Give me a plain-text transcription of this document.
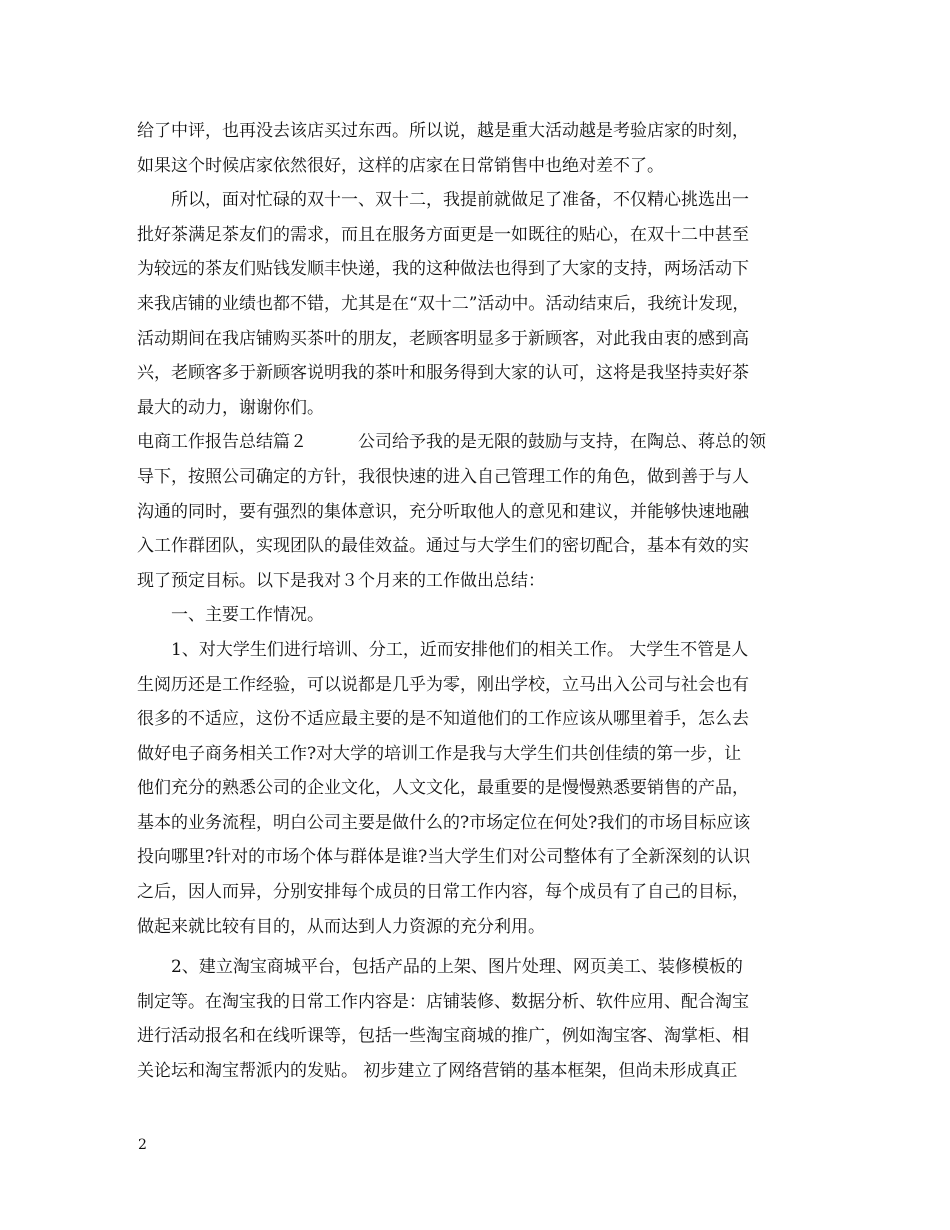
给了中评，也再没去该店买过东西。所以说，越是重大活动越是考验店家的时刻，
如果这个时候店家依然很好，这样的店家在日常销售中也绝对差不了。
　　所以，面对忙碌的双十一、双十二，我提前就做足了准备，不仅精心挑选出一
批好茶满足茶友们的需求，而且在服务方面更是一如既往的贴心，在双十二中甚至
为较远的茶友们贴钱发顺丰快递，我的这种做法也得到了大家的支持，两场活动下
来我店铺的业绩也都不错，尤其是在“双十二”活动中。活动结束后，我统计发现，
活动期间在我店铺购买茶叶的朋友，老顾客明显多于新顾客，对此我由衷的感到高
兴，老顾客多于新顾客说明我的茶叶和服务得到大家的认可，这将是我坚持卖好茶
最大的动力，谢谢你们。
电商工作报告总结篇２　　　公司给予我的是无限的鼓励与支持，在陶总、蒋总的领
导下，按照公司确定的方针，我很快速的进入自己管理工作的角色，做到善于与人
沟通的同时，要有强烈的集体意识，充分听取他人的意见和建议，并能够快速地融
入工作群团队，实现团队的最佳效益。通过与大学生们的密切配合，基本有效的实
现了预定目标。以下是我对３个月来的工作做出总结：
　　一、主要工作情况。
　　1、对大学生们进行培训、分工，近而安排他们的相关工作。 大学生不管是人
生阅历还是工作经验，可以说都是几乎为零，刚出学校，立马出入公司与社会也有
很多的不适应，这份不适应最主要的是不知道他们的工作应该从哪里着手，怎么去
做好电子商务相关工作?对大学的培训工作是我与大学生们共创佳绩的第一步，让
他们充分的熟悉公司的企业文化，人文文化，最重要的是慢慢熟悉要销售的产品，
基本的业务流程，明白公司主要是做什么的?市场定位在何处?我们的市场目标应该
投向哪里?针对的市场个体与群体是谁?当大学生们对公司整体有了全新深刻的认识
之后，因人而异，分别安排每个成员的日常工作内容，每个成员有了自己的目标，
做起来就比较有目的，从而达到人力资源的充分利用。
　　2、建立淘宝商城平台，包括产品的上架、图片处理、网页美工、装修模板的
制定等。在淘宝我的日常工作内容是：店铺装修、数据分析、软件应用、配合淘宝
进行活动报名和在线听课等，包括一些淘宝商城的推广，例如淘宝客、淘掌柜、相
关论坛和淘宝帮派内的发贴。 初步建立了网络营销的基本框架，但尚未形成真正
2
